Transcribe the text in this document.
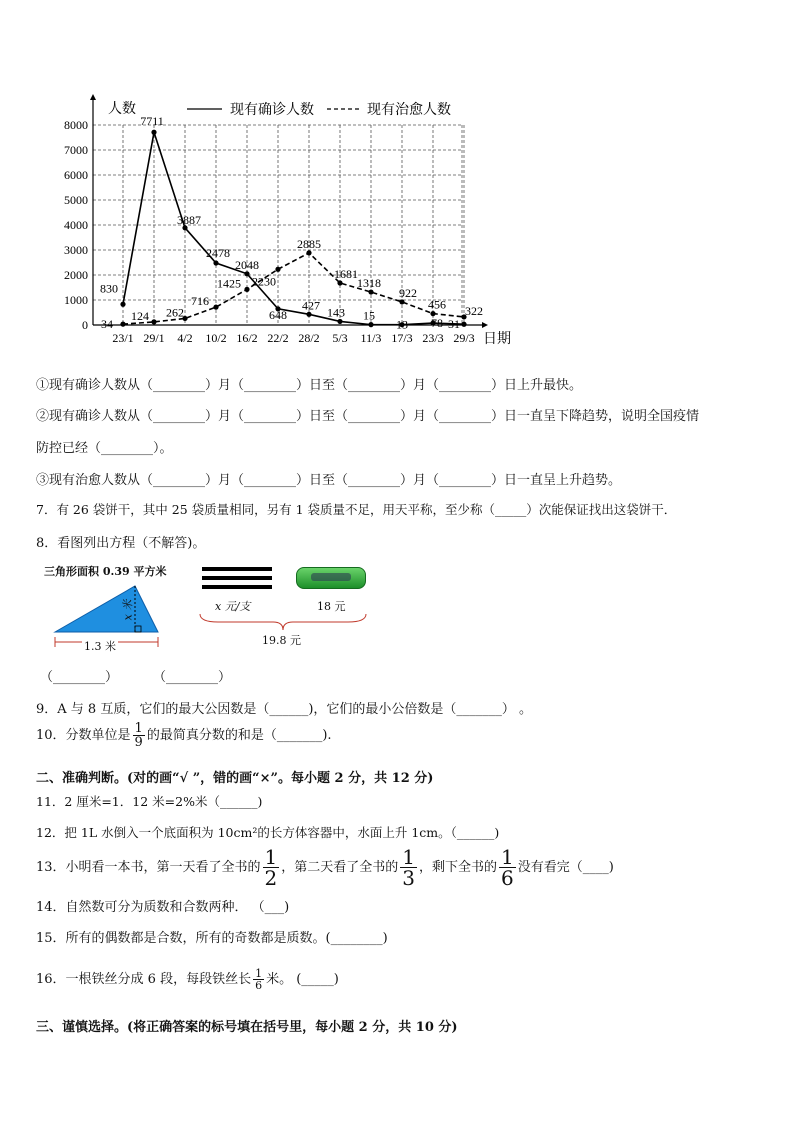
0
1000
2000
3000
4000
5000
6000
7000
8000
23/1 29/1 4/2 10/2 16/2 22/2 28/2 5/3 11/3 17/3 23/3 29/3
830
7711
3887
2478
2048
648
427
143 15
13 78 31
34
124 262
716
1425 2230
2885
1681
1318
922
456 322
人数
日期
现有确诊人数	现有治愈人数
①现有确诊人数从（________）月（________）日至（________）月（________）日上升最快。
②现有确诊人数从（________）月（________）日至（________）月（________）日一直呈下降趋势，说明全国疫情
防控已经（________）。
③现有治愈人数从（________）月（________）日至（________）月（________）日一直呈上升趋势。
7．有 26 袋饼干，其中 25 袋质量相同，另有 1 袋质量不足，用天平称，至少称（_____）次能保证找出这袋饼干．
8．看图列出方程（不解答)。
三角形面积 0.39 平方米
x 米
1.3 米
x 元/支	18 元
19.8 元
（________）	（________）
9．A 与 8 互质，它们的最大公因数是（______)，它们的最小公倍数是（_______） 。
10．分数单位是 $\frac{1}{9}$ 的最简真分数的和是（_______).
二、准确判断。(对的画“√ ”，错的画“×”。每小题 2 分，共 12 分)
11．2 厘米=1．12 米=2%米（______)
12．把 1L 水倒入一个底面积为 10cm²的长方体容器中，水面上升 1cm。（______)
13．小明看一本书，第一天看了全书的 $\frac{1}{2}$ ，第二天看了全书的 $\frac{1}{3}$ ，剩下全书的 $\frac{1}{6}$ 没有看完（____)
14．自然数可分为质数和合数两种． （___)
15．所有的偶数都是合数，所有的奇数都是质数。(________)
16．一根铁丝分成 6 段，每段铁丝长 $\frac{1}{6}$ 米。 (_____)
三、谨慎选择。(将正确答案的标号填在括号里，每小题 2 分，共 10 分)
